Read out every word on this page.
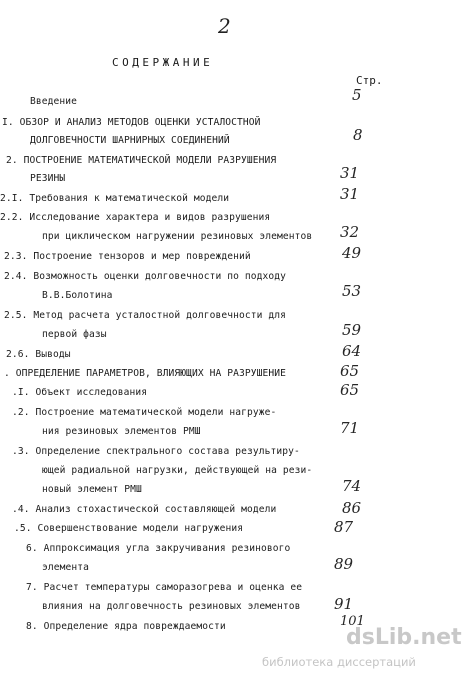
2
СОДЕРЖАНИЕ
Стр.
Введение	5
I. ОБЗОР И АНАЛИЗ МЕТОДОВ ОЦЕНКИ УСТАЛОСТНОЙ
ДОЛГОВЕЧНОСТИ ШАРНИРНЫХ СОЕДИНЕНИЙ	8
2. ПОСТРОЕНИЕ МАТЕМАТИЧЕСКОЙ МОДЕЛИ РАЗРУШЕНИЯ
РЕЗИНЫ	31
2.I. Требования к математической модели	31
2.2. Исследование характера и видов разрушения
при циклическом нагружении резиновых элементов 32
2.3. Построение тензоров и мер повреждений	49
2.4. Возможность оценки долговечности по подходу
В.В.Болотина	53
2.5. Метод расчета усталостной долговечности для
первой фазы	59
2.6. Выводы	64
. ОПРЕДЕЛЕНИЕ ПАРАМЕТРОВ, ВЛИЯЮЩИХ НА РАЗРУШЕНИЕ	65
.I. Объект исследования	65
.2. Построение математической модели нагруже-
ния резиновых элементов РМШ	71
.3. Определение спектрального состава результиру-
ющей радиальной нагрузки, действующей на рези-
новый элемент РМШ	74
.4. Анализ стохастической составляющей модели	86
.5. Совершенствование модели нагружения	87
6. Аппроксимация угла закручивания резинового
элемента	89
7. Расчет температуры саморазогрева и оценка ее
влияния на долговечность резиновых элементов 91
8. Определение ядра повреждаемости	101
dsLib.net
библиотека диссертаций
